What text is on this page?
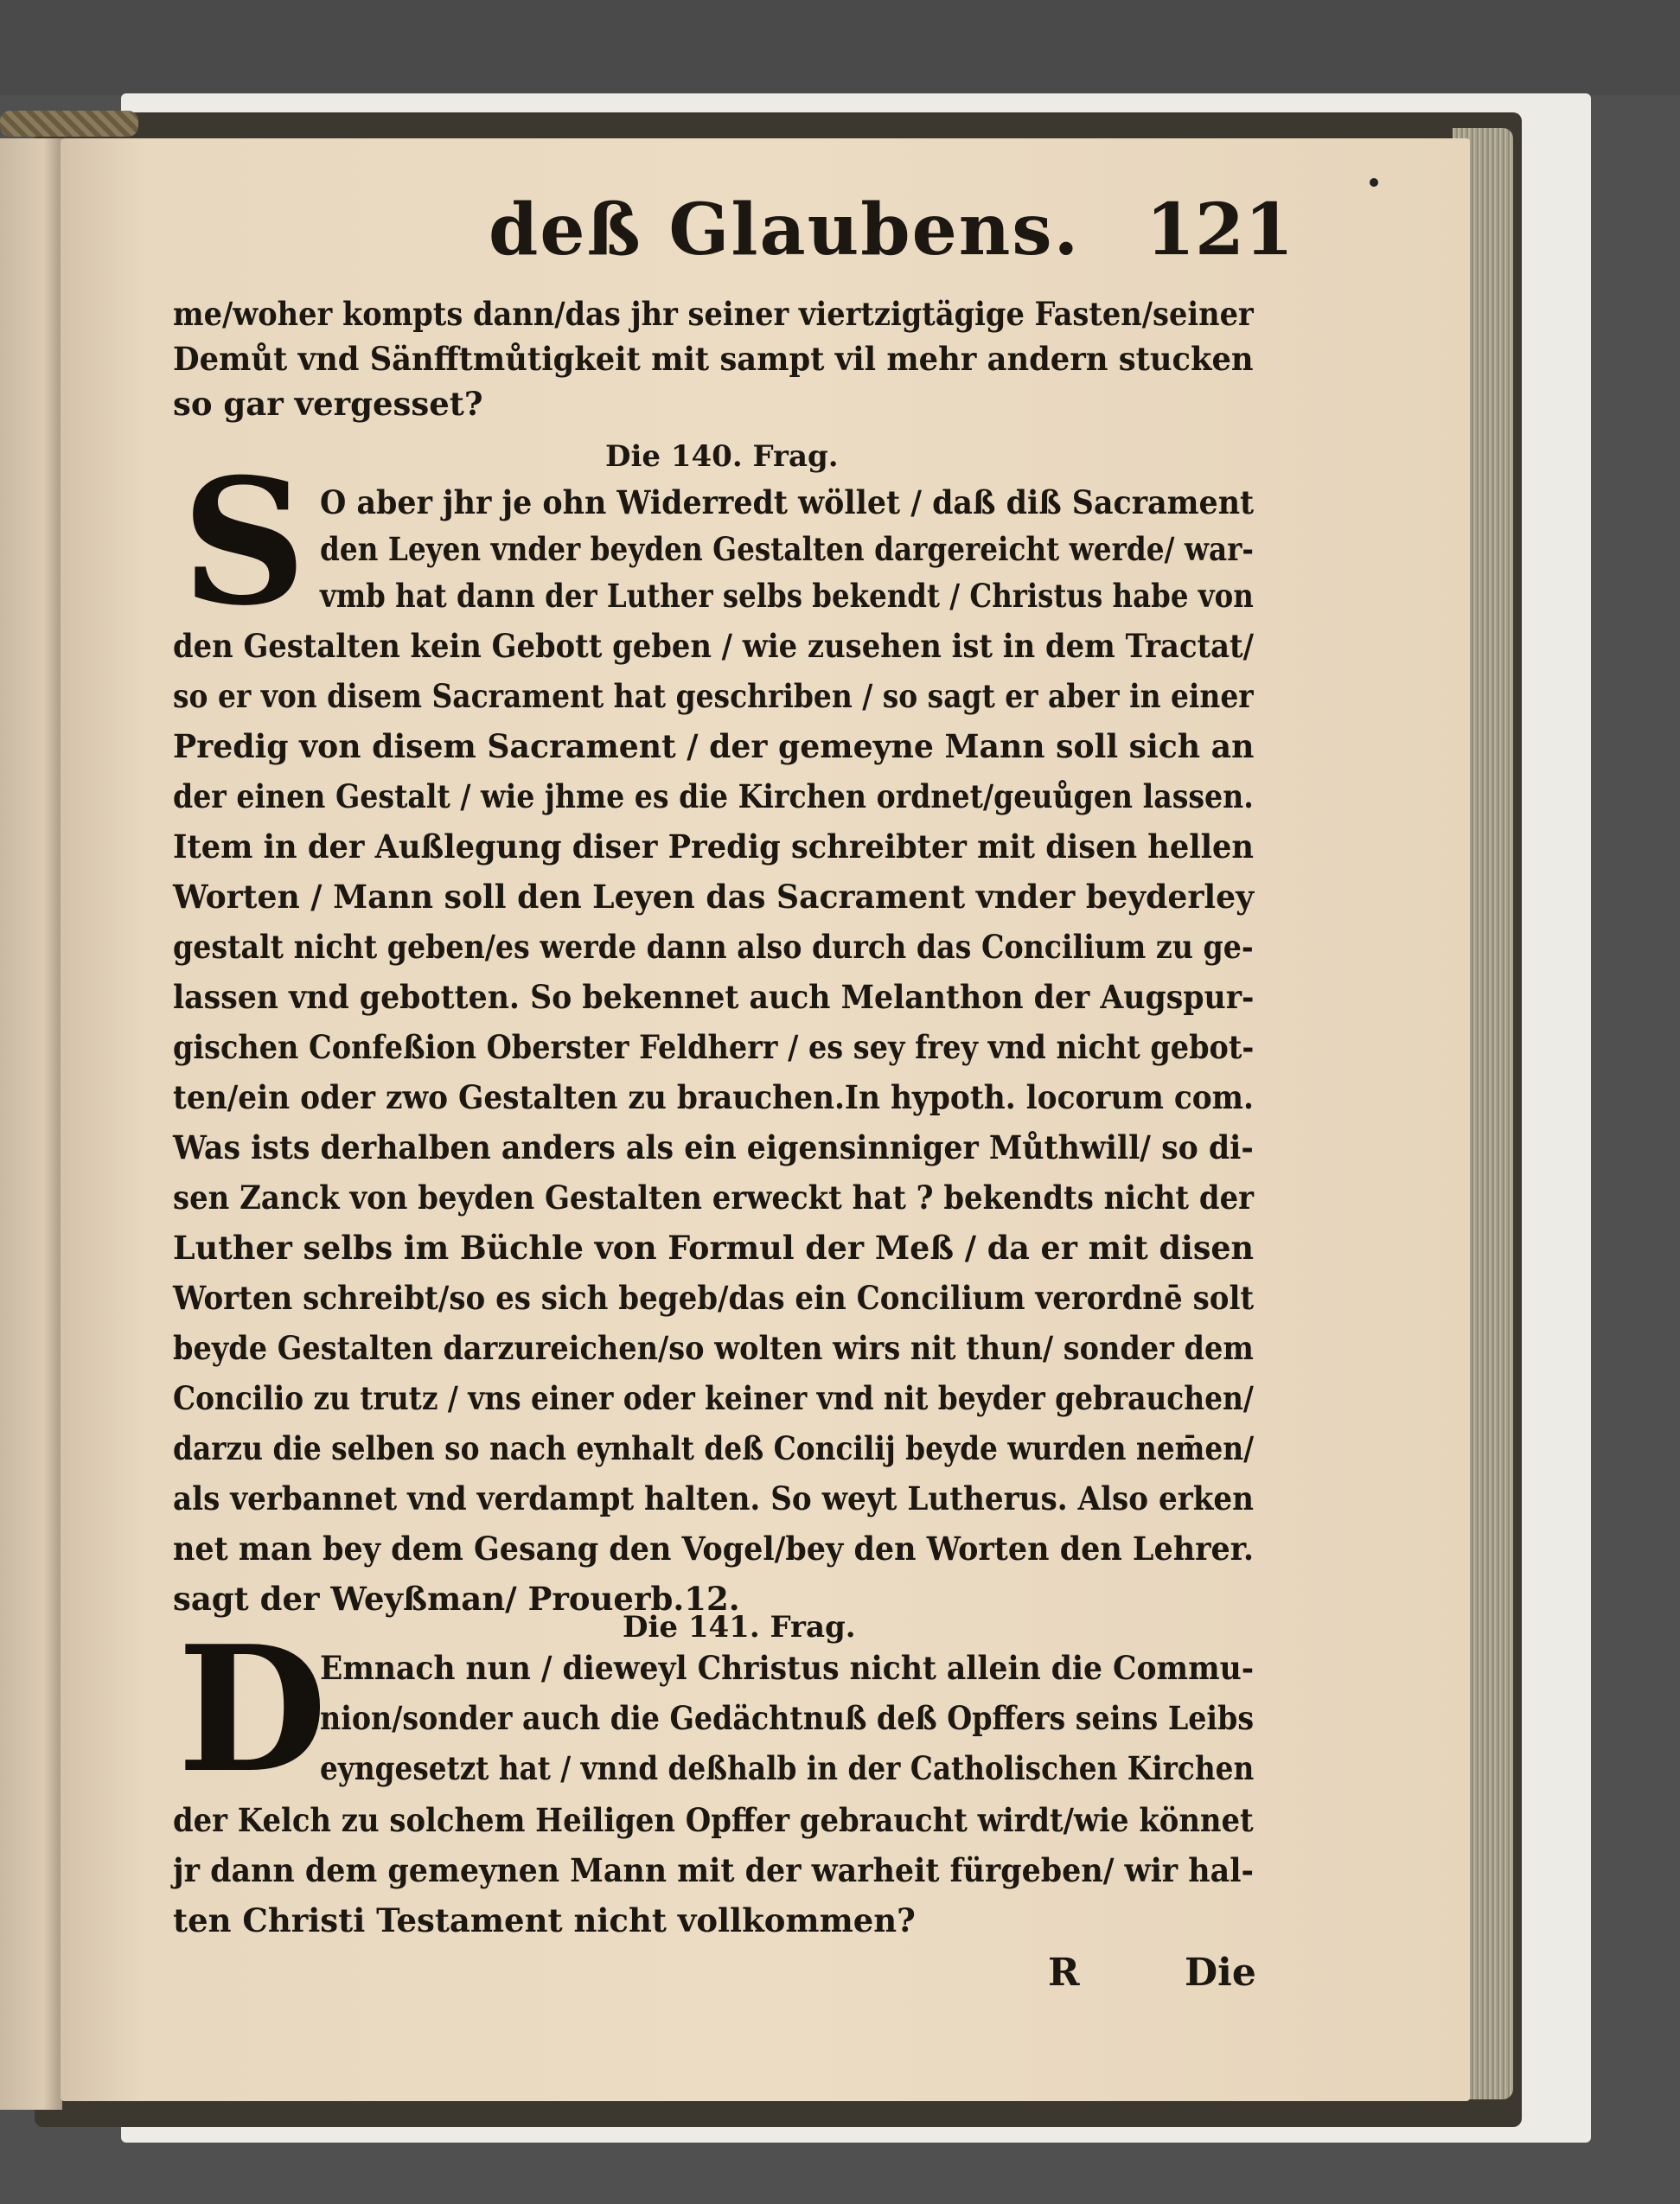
deß Glaubens. 121
me/woher kompts dann/das jhr seiner viertzigtägige Fasten/seiner
Demůt vnd Sänfftmůtigkeit mit sampt vil mehr andern stucken
so gar vergesset?
Die 140. Frag.
S O aber jhr je ohn Widerredt wöllet / daß diß Sacrament
den Leyen vnder beyden Gestalten dargereicht werde/ war-
vmb hat dann der Luther selbs bekendt / Christus habe von
den Gestalten kein Gebott geben / wie zusehen ist in dem Tractat/
so er von disem Sacrament hat geschriben / so sagt er aber in einer
Predig von disem Sacrament / der gemeyne Mann soll sich an
der einen Gestalt / wie jhme es die Kirchen ordnet/geuůgen lassen.
Item in der Außlegung diser Predig schreibter mit disen hellen
Worten / Mann soll den Leyen das Sacrament vnder beyderley
gestalt nicht geben/es werde dann also durch das Concilium zu ge-
lassen vnd gebotten. So bekennet auch Melanthon der Augspur-
gischen Confeßion Oberster Feldherr / es sey frey vnd nicht gebot-
ten/ein oder zwo Gestalten zu brauchen.In hypoth. locorum com.
Was ists derhalben anders als ein eigensinniger Můthwill/ so di-
sen Zanck von beyden Gestalten erweckt hat ? bekendts nicht der
Luther selbs im Büchle von Formul der Meß / da er mit disen
Worten schreibt/so es sich begeb/das ein Concilium verordnē solt
beyde Gestalten darzureichen/so wolten wirs nit thun/ sonder dem
Concilio zu trutz / vns einer oder keiner vnd nit beyder gebrauchen/
darzu die selben so nach eynhalt deß Concilij beyde wurden nem̄en/
als verbannet vnd verdampt halten. So weyt Lutherus. Also erken
net man bey dem Gesang den Vogel/bey den Worten den Lehrer.
sagt der Weyßman/ Prouerb.12.
Die 141. Frag.
D
Emnach nun / dieweyl Christus nicht allein die Commu-
nion/sonder auch die Gedächtnuß deß Opffers seins Leibs
eyngesetzt hat / vnnd deßhalb in der Catholischen Kirchen
der Kelch zu solchem Heiligen Opffer gebraucht wirdt/wie könnet
jr dann dem gemeynen Mann mit der warheit fürgeben/ wir hal-
ten Christi Testament nicht vollkommen?
R	Die
